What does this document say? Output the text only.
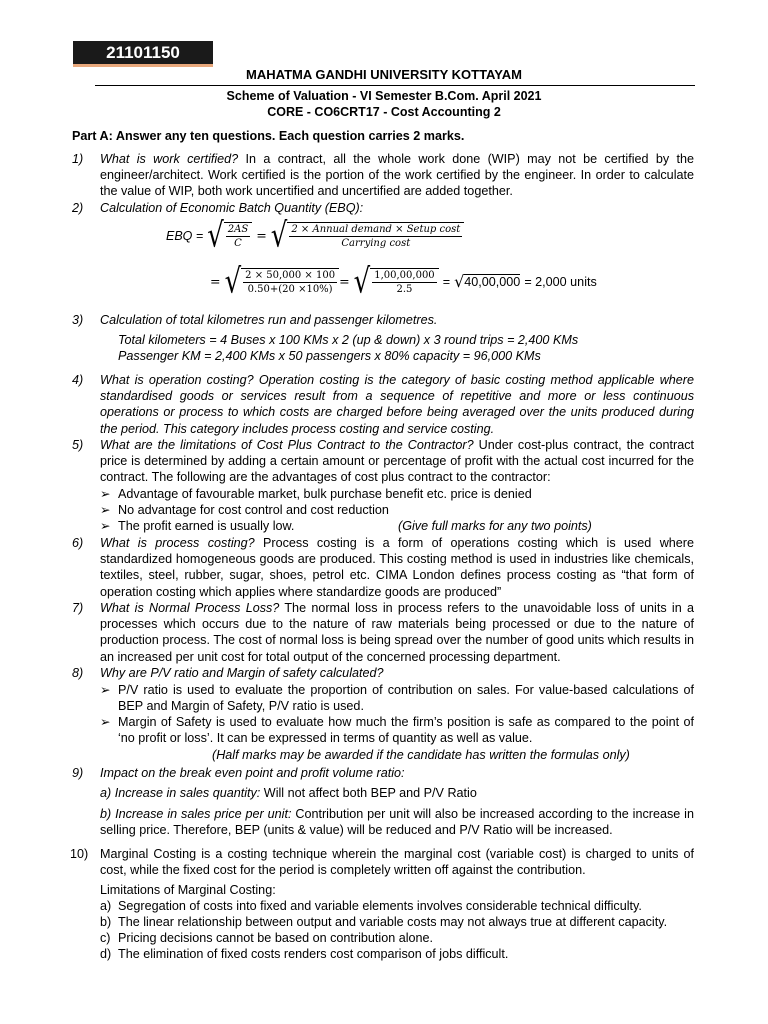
21101150
MAHATMA GANDHI UNIVERSITY KOTTAYAM
Scheme of Valuation - VI Semester B.Com. April 2021
CORE - CO6CRT17 - Cost Accounting 2
Part A: Answer any ten questions. Each question carries 2 marks.
1)	What is work certified? In a contract, all the whole work done (WIP) may not be certified by the engineer/architect. Work certified is the portion of the work certified by the engineer. In order to calculate the value of WIP, both work uncertified and uncertified are added together.
2)	Calculation of Economic Batch Quantity (EBQ):
EBQ = √ $\frac{2AS}{C}$ = √ $\frac{\text{2 × Annual demand × Setup cost}}{\text{Carrying cost}}$
= √ $\frac{2 \times 50,000 \times 100}{0.50+(20 \times 10\%)}$ = √ $\frac{1,00,00,000}{2.5} = √40,00,000 = 2,000$ units
3)	Calculation of total kilometres run and passenger kilometres.
Total kilometers = 4 Buses x 100 KMs x 2 (up & down) x 3 round trips = 2,400 KMs
Passenger KM = 2,400 KMs x 50 passengers x 80% capacity = 96,000 KMs
4)	What is operation costing? Operation costing is the category of basic costing method applicable where standardised goods or services result from a sequence of repetitive and more or less continuous operations or process to which costs are charged before being averaged over the units produced during the period. This category includes process costing and service costing.
5)	What are the limitations of Cost Plus Contract to the Contractor? Under cost-plus contract, the contract price is determined by adding a certain amount or percentage of profit with the actual cost incurred for the contract. The following are the advantages of cost plus contract to the contractor:
➢ Advantage of favourable market, bulk purchase benefit etc. price is denied
➢ No advantage for cost control and cost reduction
➢ The profit earned is usually low.	(Give full marks for any two points)
6)	What is process costing? Process costing is a form of operations costing which is used where standardized homogeneous goods are produced. This costing method is used in industries like chemicals, textiles, steel, rubber, sugar, shoes, petrol etc. CIMA London defines process costing as “that form of operation costing which applies where standardize goods are produced”
7)	What is Normal Process Loss? The normal loss in process refers to the unavoidable loss of units in a processes which occurs due to the nature of raw materials being processed or due to the nature of production process. The cost of normal loss is being spread over the number of good units which results in an increased per unit cost for total output of the concerned processing department.
8)	Why are P/V ratio and Margin of safety calculated?
➢ P/V ratio is used to evaluate the proportion of contribution on sales. For value-based calculations of BEP and Margin of Safety, P/V ratio is used.
➢ Margin of Safety is used to evaluate how much the firm’s position is safe as compared to the point of ‘no profit or loss’. It can be expressed in terms of quantity as well as value.
(Half marks may be awarded if the candidate has written the formulas only)
9)	Impact on the break even point and profit volume ratio:
a) Increase in sales quantity: Will not affect both BEP and P/V Ratio
b) Increase in sales price per unit: Contribution per unit will also be increased according to the increase in selling price. Therefore, BEP (units & value) will be reduced and P/V Ratio will be increased.
10) Marginal Costing is a costing technique wherein the marginal cost (variable cost) is charged to units of cost, while the fixed cost for the period is completely written off against the contribution.
Limitations of Marginal Costing:
a) Segregation of costs into fixed and variable elements involves considerable technical difficulty.
b) The linear relationship between output and variable costs may not always true at different capacity.
c) Pricing decisions cannot be based on contribution alone.
d) The elimination of fixed costs renders cost comparison of jobs difficult.
